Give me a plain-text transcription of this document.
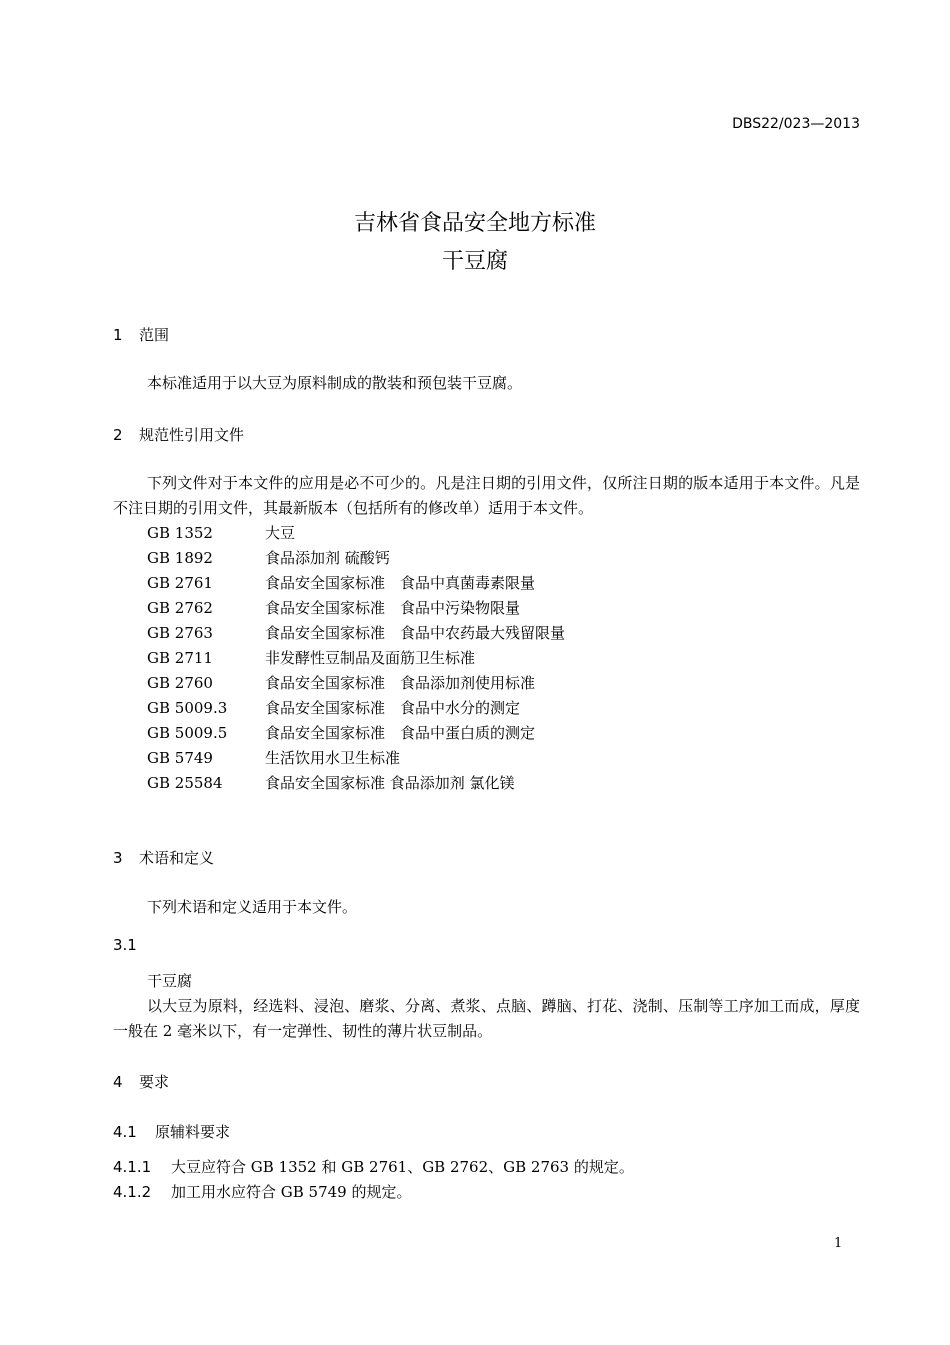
DBS22/023—2013
吉林省食品安全地方标准
干豆腐
1 范围
本标准适用于以大豆为原料制成的散装和预包装干豆腐。
2 规范性引用文件
下列文件对于本文件的应用是必不可少的。凡是注日期的引用文件，仅所注日期的版本适用于本文件。凡是不注日期的引用文件，其最新版本（包括所有的修改单）适用于本文件。
GB 1352	大豆
GB 1892	食品添加剂 硫酸钙
GB 2761	食品安全国家标准　食品中真菌毒素限量
GB 2762	食品安全国家标准　食品中污染物限量
GB 2763	食品安全国家标准　食品中农药最大残留限量
GB 2711	非发酵性豆制品及面筋卫生标准
GB 2760	食品安全国家标准　食品添加剂使用标准
GB 5009.3	食品安全国家标准　食品中水分的测定
GB 5009.5	食品安全国家标准　食品中蛋白质的测定
GB 5749	生活饮用水卫生标准
GB 25584	食品安全国家标准 食品添加剂 氯化镁
3 术语和定义
下列术语和定义适用于本文件。
3.1
干豆腐
以大豆为原料，经选料、浸泡、磨浆、分离、煮浆、点脑、蹲脑、打花、浇制、压制等工序加工而成，厚度一般在 2 毫米以下，有一定弹性、韧性的薄片状豆制品。
4 要求
4.1 原辅料要求
4.1.1 大豆应符合 GB 1352 和 GB 2761、GB 2762、GB 2763 的规定。
4.1.2 加工用水应符合 GB 5749 的规定。
1
